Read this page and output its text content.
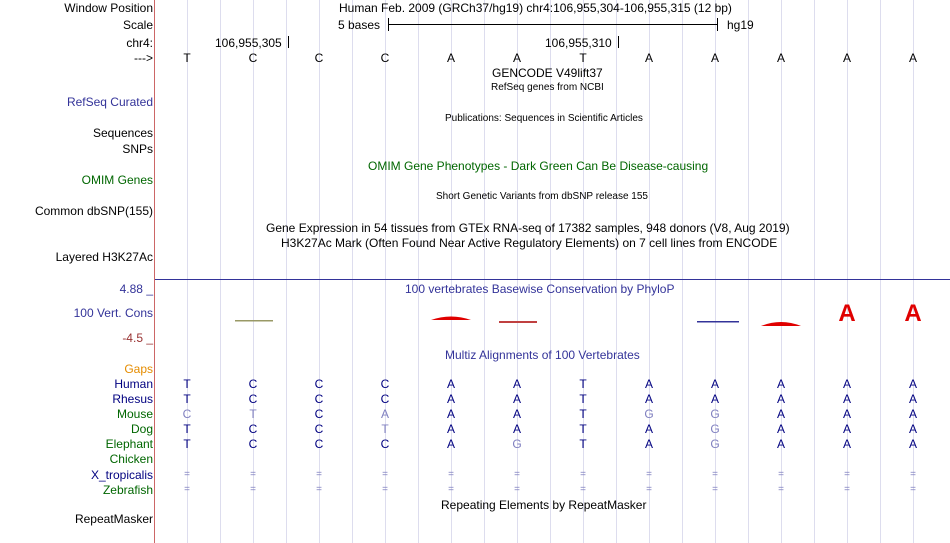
Window Position	Human Feb. 2009 (GRCh37/hg19) chr4:106,955,304-106,955,315 (12 bp)
Scale	5 bases	hg19
chr4:	106,955,305	106,955,310
--->	T	C	C	C	A	A	T	A	A	A	A	A
GENCODE V49lift37
RefSeq genes from NCBI
RefSeq Curated
Publications: Sequences in Scientific Articles
Sequences
SNPs
OMIM Gene Phenotypes - Dark Green Can Be Disease-causing
OMIM Genes
Short Genetic Variants from dbSNP release 155
Common dbSNP(155)
Gene Expression in 54 tissues from GTEx RNA-seq of 17382 samples, 948 donors (V8, Aug 2019)
H3K27Ac Mark (Often Found Near Active Regulatory Elements) on 7 cell lines from ENCODE
Layered H3K27Ac
4.88 _	100 vertebrates Basewise Conservation by PhyloP
100 Vert. Cons
-4.5 _
A A
Multiz Alignments of 100 Vertebrates
Gaps
Human	T	C	C	C	A	A	T	A	A	A	A	A
Rhesus	T	C	C	C	A	A	T	A	A	A	A	A
Mouse	C	T	C	A	A	A	T	G	G	A	A	A
Dog	T	C	C	T	A	A	T	A	G	A	A	A
Elephant	T	C	C	C	A	G	T	A	G	A	A	A
Chicken
X_tropicalis	=	=	=	=	=	=	=	=	=	=	=	=
Zebrafish	=	=	=	=	=	=	=	=	=	=	=	=
Repeating Elements by RepeatMasker
RepeatMasker
